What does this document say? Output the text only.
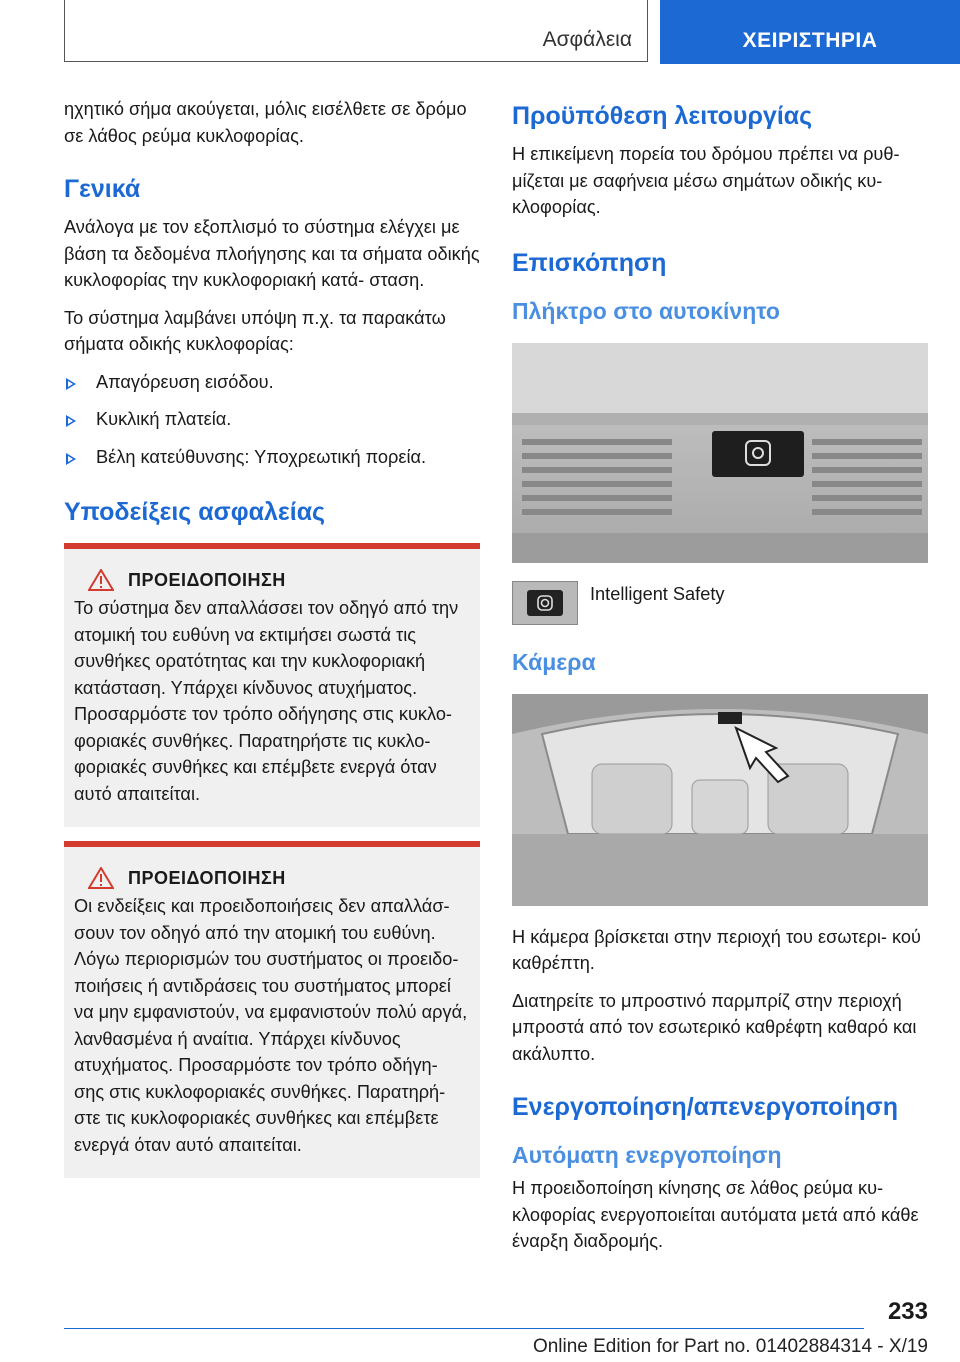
Ασφάλεια	ΧΕΙΡΙΣΤΗΡΙΑ

ηχητικό σήμα ακούγεται, μόλις εισέλθετε σε δρόμο σε λάθος ρεύμα κυκλοφορίας.

Γενικά

Ανάλογα με τον εξοπλισμό το σύστημα ελέγχει με βάση τα δεδομένα πλοήγησης και τα σήματα οδικής κυκλοφορίας την κυκλοφοριακή κατά- σταση.

Το σύστημα λαμβάνει υπόψη π.χ. τα παρακάτω σήματα οδικής κυκλοφορίας:

Απαγόρευση εισόδου.
Κυκλική πλατεία.
Βέλη κατεύθυνσης: Υποχρεωτική πορεία.
Υποδείξεις ασφαλείας
ΠΡΟΕΙΔΟΠΟΙΗΣΗ

Το σύστημα δεν απαλλάσσει τον οδηγό από την ατομική του ευθύνη να εκτιμήσει σωστά τις συνθήκες ορατότητας και την κυκλοφοριακή κατάσταση. Υπάρχει κίνδυνος ατυχήματος. Προσαρμόστε τον τρόπο οδήγησης στις κυκλο- φοριακές συνθήκες. Παρατηρήστε τις κυκλο- φοριακές συνθήκες και επέμβετε ενεργά όταν αυτό απαιτείται.

ΠΡΟΕΙΔΟΠΟΙΗΣΗ

Οι ενδείξεις και προειδοποιήσεις δεν απαλλάσ- σουν τον οδηγό από την ατομική του ευθύνη. Λόγω περιορισμών του συστήματος οι προειδο- ποιήσεις ή αντιδράσεις του συστήματος μπορεί να μην εμφανιστούν, να εμφανιστούν πολύ αργά, λανθασμένα ή αναίτια. Υπάρχει κίνδυνος ατυχήματος. Προσαρμόστε τον τρόπο οδήγη- σης στις κυκλοφοριακές συνθήκες. Παρατηρή- στε τις κυκλοφοριακές συνθήκες και επέμβετε ενεργά όταν αυτό απαιτείται.

Προϋπόθεση λειτουργίας

Η επικείμενη πορεία του δρόμου πρέπει να ρυθ- μίζεται με σαφήνεια μέσω σημάτων οδικής κυ- κλοφορίας.

Επισκόπηση
Πλήκτρο στο αυτοκίνητο

Intelligent Safety

Κάμερα

Η κάμερα βρίσκεται στην περιοχή του εσωτερι- κού καθρέπτη.

Διατηρείτε το μπροστινό παρμπρίζ στην περιοχή μπροστά από τον εσωτερικό καθρέφτη καθαρό και ακάλυπτο.

Ενεργοποίηση/απενεργοποίηση
Αυτόματη ενεργοποίηση

Η προειδοποίηση κίνησης σε λάθος ρεύμα κυ- κλοφορίας ενεργοποιείται αυτόματα μετά από κάθε έναρξη διαδρομής.

233
Online Edition for Part no. 01402884314 - X/19
